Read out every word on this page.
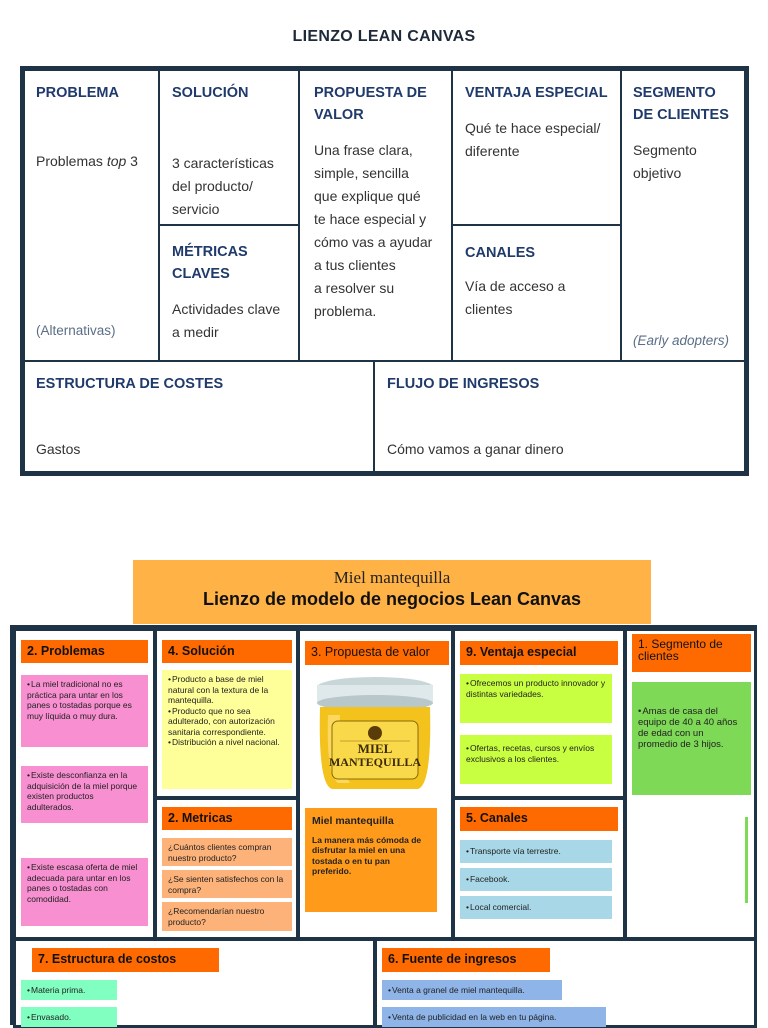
LIENZO LEAN CANVAS
PROBLEMA
Problemas top 3
(Alternativas)
SOLUCIÓN
3 características
del producto/
servicio
MÉTRICAS
CLAVES
Actividades clave
a medir
PROPUESTA DE
VALOR
Una frase clara,
simple, sencilla
que explique qué
te hace especial y
cómo vas a ayudar
a tus clientes
a resolver su
problema.
VENTAJA ESPECIAL
Qué te hace especial/
diferente
CANALES
Vía de acceso a
clientes
SEGMENTO
DE CLIENTES
Segmento
objetivo
(Early adopters)
ESTRUCTURA DE COSTES
Gastos
FLUJO DE INGRESOS
Cómo vamos a ganar dinero
Miel mantequilla
Lienzo de modelo de negocios Lean Canvas
2. Problemas
• La miel tradicional no es práctica para untar en los panes o tostadas porque es muy líquida o muy dura.
• Existe desconfianza en la adquisición de la miel porque existen productos adulterados.
• Existe escasa oferta de miel adecuada para untar en los panes o tostadas con comodidad.
4. Solución
• Producto a base de miel natural con la textura de la mantequilla.
• Producto que no sea adulterado, con autorización sanitaria correspondiente.
• Distribución a nivel nacional.
2. Metricas
¿Cuántos clientes compran nuestro producto?
¿Se sienten satisfechos con la compra?
¿Recomendarían nuestro producto?
3. Propuesta de valor
MIEL
MANTEQUILLA
Miel mantequilla
La manera más cómoda de disfrutar la miel en una tostada o en tu pan preferido.
9. Ventaja especial
• Ofrecemos un producto innovador y distintas variedades.
• Ofertas, recetas, cursos y envíos exclusivos a los clientes.
5. Canales
• Transporte vía terrestre.
• Facebook.
• Local comercial.
1. Segmento de clientes
• Amas de casa del equipo de 40 a 40 años de edad con un promedio de 3 hijos.
7. Estructura de costos
• Materia prima.
• Envasado.
6. Fuente de ingresos
• Venta a granel de miel mantequilla.
• Venta de publicidad en la web en tu página.
